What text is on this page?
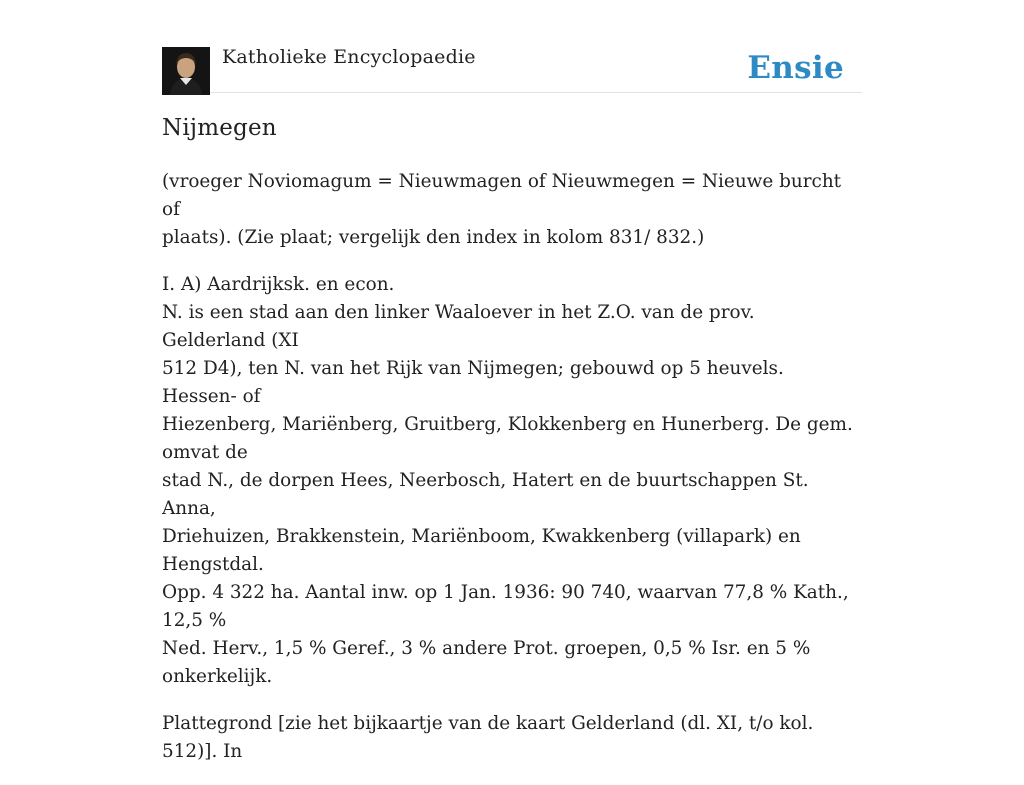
Katholieke Encyclopaedie	Ensie
Nijmegen

(vroeger Noviomagum = Nieuwmagen of Nieuwmegen = Nieuwe burcht of
plaats). (Zie plaat; vergelijk den index in kolom 831/ 832.)

I. A) Aardrijksk. en econ.
N. is een stad aan den linker Waaloever in het Z.O. van de prov. Gelderland (XI
512 D4), ten N. van het Rijk van Nijmegen; gebouwd op 5 heuvels. Hessen- of
Hiezenberg, Mariënberg, Gruitberg, Klokkenberg en Hunerberg. De gem. omvat de
stad N., de dorpen Hees, Neerbosch, Hatert en de buurtschappen St. Anna,
Driehuizen, Brakkenstein, Mariënboom, Kwakkenberg (villapark) en Hengstdal.
Opp. 4 322 ha. Aantal inw. op 1 Jan. 1936: 90 740, waarvan 77,8 % Kath., 12,5 %
Ned. Herv., 1,5 % Geref., 3 % andere Prot. groepen, 0,5 % Isr. en 5 % onkerkelijk.

Plattegrond [zie het bijkaartje van de kaart Gelderland (dl. XI, t/o kol. 512)]. In
